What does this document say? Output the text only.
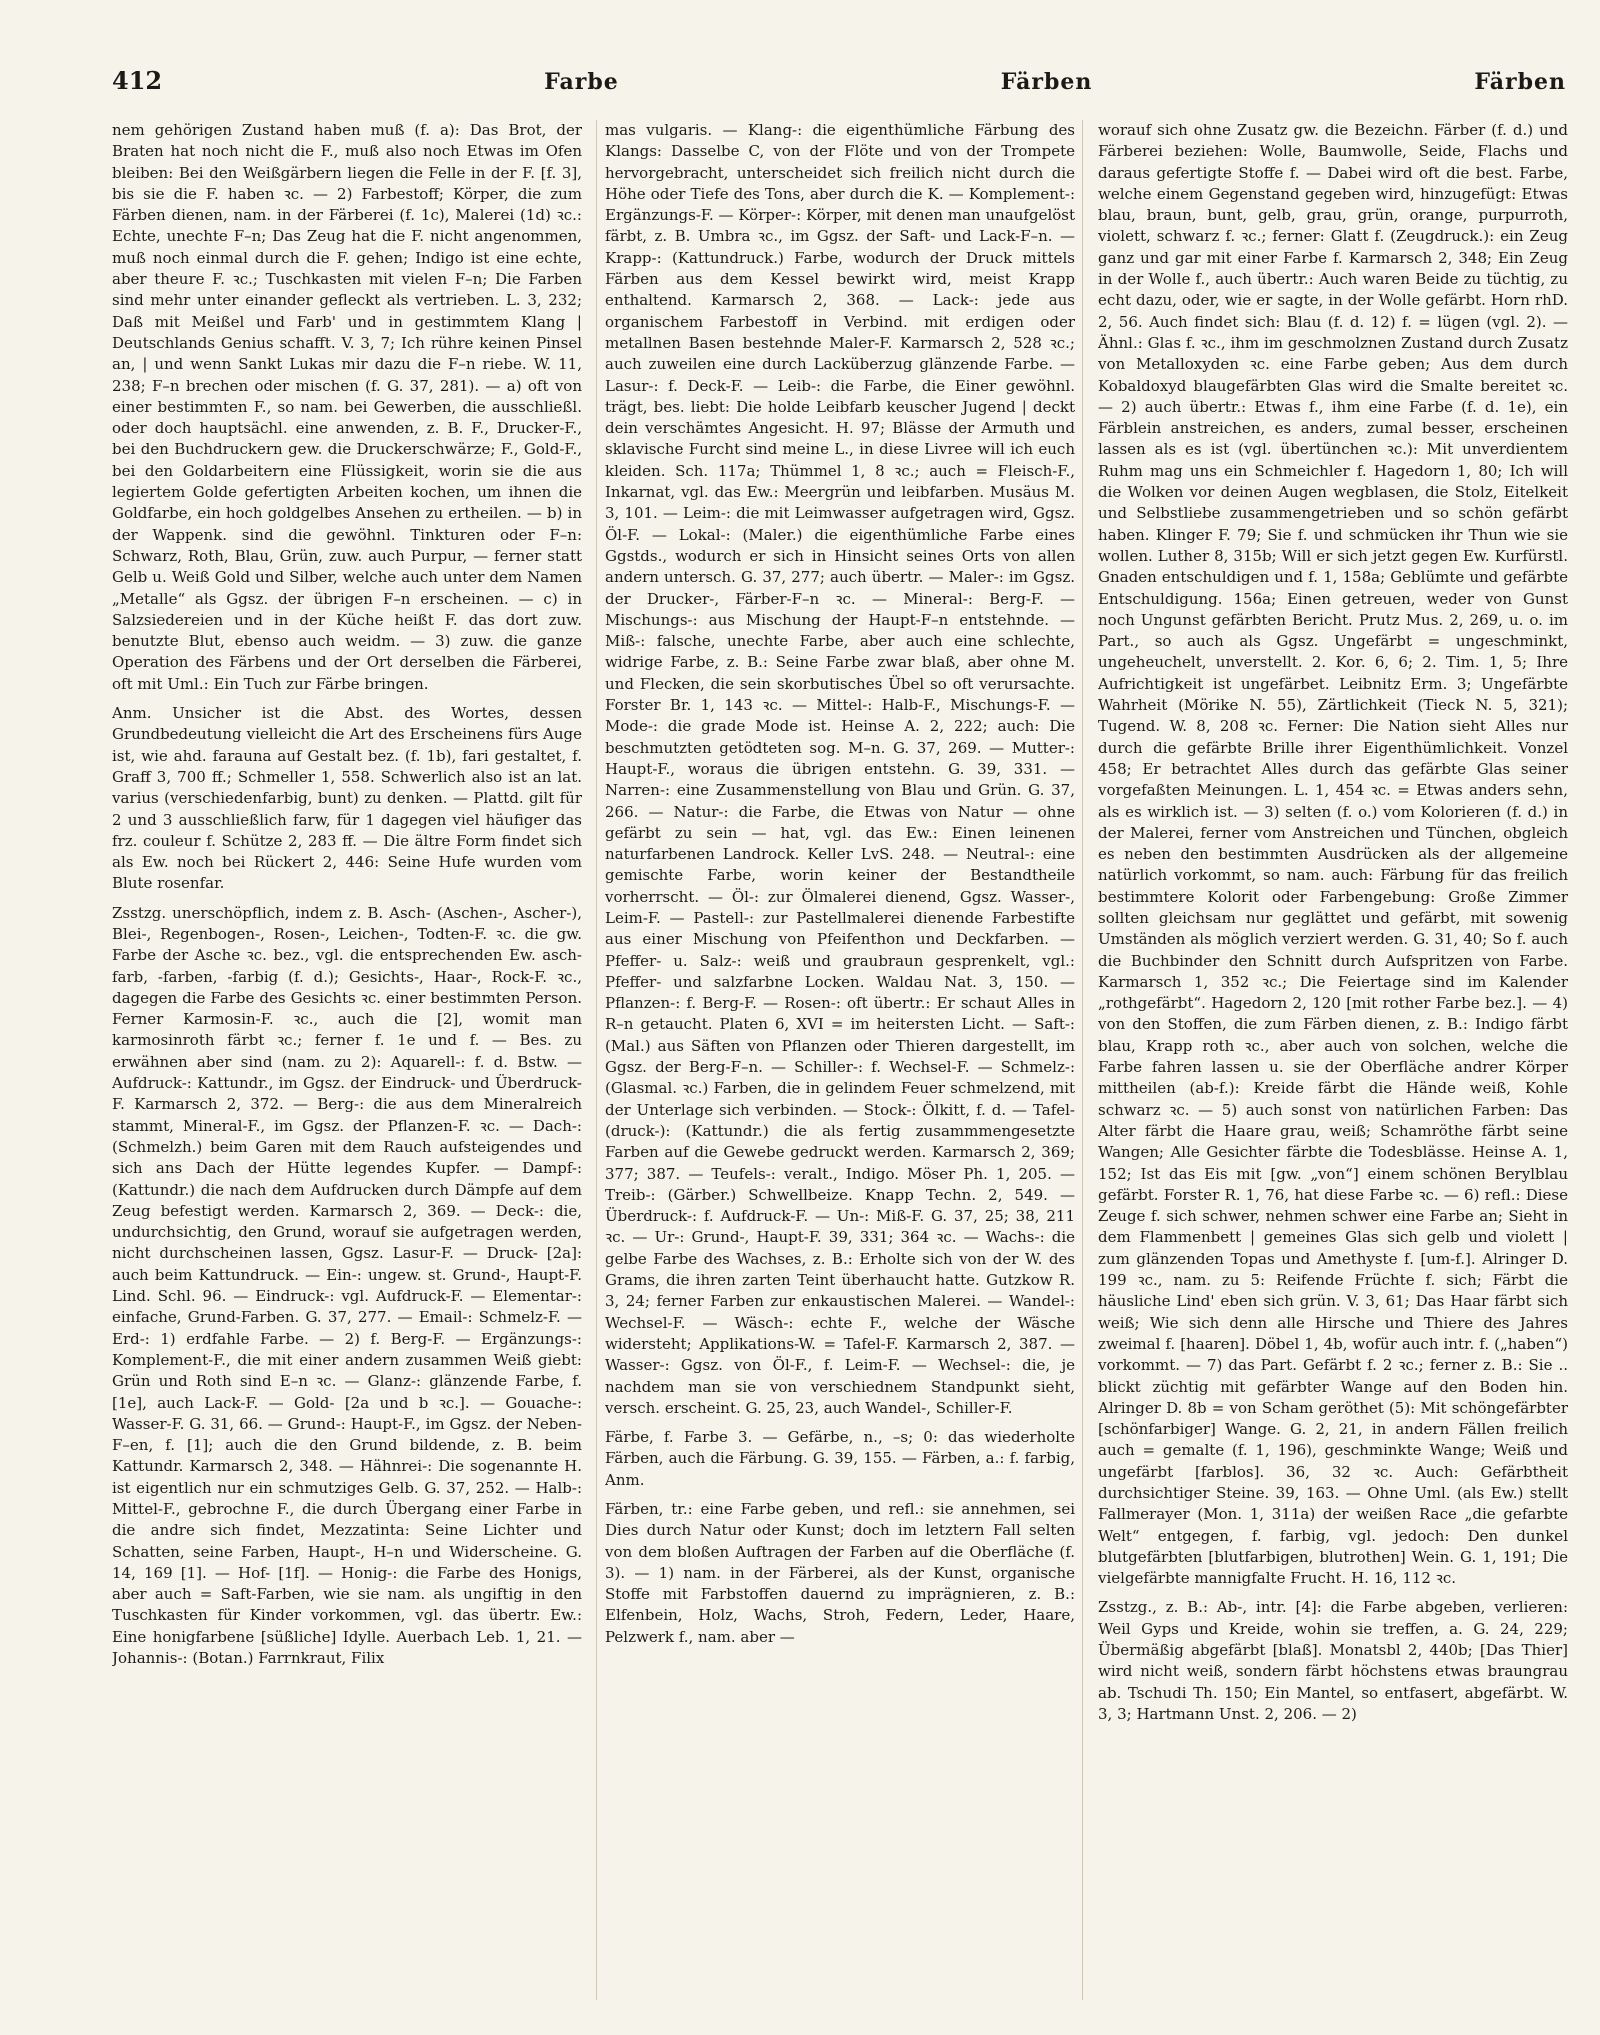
412	Farbe	Färben	Färben

nem gehörigen Zustand haben muß (f. a): Das Brot, der Braten hat noch nicht die F., muß also noch Etwas im Ofen bleiben: Bei den Weißgärbern liegen die Felle in der F. [f. 3], bis sie die F. haben ꝛc. — 2) Farbestoff; Körper, die zum Färben dienen, nam. in der Färberei (f. 1c), Malerei (1d) ꝛc.: Echte, unechte F–n; Das Zeug hat die F. nicht angenommen, muß noch einmal durch die F. gehen; Indigo ist eine echte, aber theure F. ꝛc.; Tuschkasten mit vielen F–n; Die Farben sind mehr unter einander gefleckt als vertrieben. L. 3, 232; Daß mit Meißel und Farb' und in gestimmtem Klang | Deutschlands Genius schafft. V. 3, 7; Ich rühre keinen Pinsel an, | und wenn Sankt Lukas mir dazu die F–n riebe. W. 11, 238; F–n brechen oder mischen (f. G. 37, 281). — a) oft von einer bestimmten F., so nam. bei Gewerben, die ausschließl. oder doch hauptsächl. eine anwenden, z. B. F., Drucker-F., bei den Buchdruckern gew. die Druckerschwärze; F., Gold-F., bei den Goldarbeitern eine Flüssigkeit, worin sie die aus legiertem Golde gefertigten Arbeiten kochen, um ihnen die Goldfarbe, ein hoch goldgelbes Ansehen zu ertheilen. — b) in der Wappenk. sind die gewöhnl. Tinkturen oder F–n: Schwarz, Roth, Blau, Grün, zuw. auch Purpur, — ferner statt Gelb u. Weiß Gold und Silber, welche auch unter dem Namen „Metalle“ als Ggsz. der übrigen F–n erscheinen. — c) in Salzsiedereien und in der Küche heißt F. das dort zuw. benutzte Blut, ebenso auch weidm. — 3) zuw. die ganze Operation des Färbens und der Ort derselben die Färberei, oft mit Uml.: Ein Tuch zur Färbe bringen.

Anm. Unsicher ist die Abst. des Wortes, dessen Grundbedeutung vielleicht die Art des Erscheinens fürs Auge ist, wie ahd. farauna auf Gestalt bez. (f. 1b), fari gestaltet, f. Graff 3, 700 ff.; Schmeller 1, 558. Schwerlich also ist an lat. varius (verschiedenfarbig, bunt) zu denken. — Plattd. gilt für 2 und 3 ausschließlich farw, für 1 dagegen viel häufiger das frz. couleur f. Schütze 2, 283 ff. — Die ältre Form findet sich als Ew. noch bei Rückert 2, 446: Seine Hufe wurden vom Blute rosenfar.

Zsstzg. unerschöpflich, indem z. B. Asch- (Aschen-, Ascher-), Blei-, Regenbogen-, Rosen-, Leichen-, Todten-F. ꝛc. die gw. Farbe der Asche ꝛc. bez., vgl. die entsprechenden Ew. asch-farb, -farben, -farbig (f. d.); Gesichts-, Haar-, Rock-F. ꝛc., dagegen die Farbe des Gesichts ꝛc. einer bestimmten Person. Ferner Karmosin-F. ꝛc., auch die [2], womit man karmosinroth färbt ꝛc.; ferner f. 1e und f. — Bes. zu erwähnen aber sind (nam. zu 2): Aquarell-: f. d. Bstw. — Aufdruck-: Kattundr., im Ggsz. der Eindruck- und Überdruck-F. Karmarsch 2, 372. — Berg-: die aus dem Mineralreich stammt, Mineral-F., im Ggsz. der Pflanzen-F. ꝛc. — Dach-: (Schmelzh.) beim Garen mit dem Rauch aufsteigendes und sich ans Dach der Hütte legendes Kupfer. — Dampf-: (Kattundr.) die nach dem Aufdrucken durch Dämpfe auf dem Zeug befestigt werden. Karmarsch 2, 369. — Deck-: die, undurchsichtig, den Grund, worauf sie aufgetragen werden, nicht durchscheinen lassen, Ggsz. Lasur-F. — Druck- [2a]: auch beim Kattundruck. — Ein-: ungew. st. Grund-, Haupt-F. Lind. Schl. 96. — Eindruck-: vgl. Aufdruck-F. — Elementar-: einfache, Grund-Farben. G. 37, 277. — Email-: Schmelz-F. — Erd-: 1) erdfahle Farbe. — 2) f. Berg-F. — Ergänzungs-: Komplement-F., die mit einer andern zusammen Weiß giebt: Grün und Roth sind E–n ꝛc. — Glanz-: glänzende Farbe, f. [1e], auch Lack-F. — Gold- [2a und b ꝛc.]. — Gouache-: Wasser-F. G. 31, 66. — Grund-: Haupt-F., im Ggsz. der Neben-F–en, f. [1]; auch die den Grund bildende, z. B. beim Kattundr. Karmarsch 2, 348. — Hähnrei-: Die sogenannte H. ist eigentlich nur ein schmutziges Gelb. G. 37, 252. — Halb-: Mittel-F., gebrochne F., die durch Übergang einer Farbe in die andre sich findet, Mezzatinta: Seine Lichter und Schatten, seine Farben, Haupt-, H–n und Widerscheine. G. 14, 169 [1]. — Hof- [1f]. — Honig-: die Farbe des Honigs, aber auch = Saft-Farben, wie sie nam. als ungiftig in den Tuschkasten für Kinder vorkommen, vgl. das übertr. Ew.: Eine honigfarbene [süßliche] Idylle. Auerbach Leb. 1, 21. — Johannis-: (Botan.) Farrnkraut, Filix

mas vulgaris. — Klang-: die eigenthümliche Färbung des Klangs: Dasselbe C, von der Flöte und von der Trompete hervorgebracht, unterscheidet sich freilich nicht durch die Höhe oder Tiefe des Tons, aber durch die K. — Komplement-: Ergänzungs-F. — Körper-: Körper, mit denen man unaufgelöst färbt, z. B. Umbra ꝛc., im Ggsz. der Saft- und Lack-F–n. — Krapp-: (Kattundruck.) Farbe, wodurch der Druck mittels Färben aus dem Kessel bewirkt wird, meist Krapp enthaltend. Karmarsch 2, 368. — Lack-: jede aus organischem Farbestoff in Verbind. mit erdigen oder metallnen Basen bestehnde Maler-F. Karmarsch 2, 528 ꝛc.; auch zuweilen eine durch Lacküberzug glänzende Farbe. — Lasur-: f. Deck-F. — Leib-: die Farbe, die Einer gewöhnl. trägt, bes. liebt: Die holde Leibfarb keuscher Jugend | deckt dein verschämtes Angesicht. H. 97; Blässe der Armuth und sklavische Furcht sind meine L., in diese Livree will ich euch kleiden. Sch. 117a; Thümmel 1, 8 ꝛc.; auch = Fleisch-F., Inkarnat, vgl. das Ew.: Meergrün und leibfarben. Musäus M. 3, 101. — Leim-: die mit Leimwasser aufgetragen wird, Ggsz. Öl-F. — Lokal-: (Maler.) die eigenthümliche Farbe eines Ggstds., wodurch er sich in Hinsicht seines Orts von allen andern untersch. G. 37, 277; auch übertr. — Maler-: im Ggsz. der Drucker-, Färber-F–n ꝛc. — Mineral-: Berg-F. — Mischungs-: aus Mischung der Haupt-F–n entstehnde. — Miß-: falsche, unechte Farbe, aber auch eine schlechte, widrige Farbe, z. B.: Seine Farbe zwar blaß, aber ohne M. und Flecken, die sein skorbutisches Übel so oft verursachte. Forster Br. 1, 143 ꝛc. — Mittel-: Halb-F., Mischungs-F. — Mode-: die grade Mode ist. Heinse A. 2, 222; auch: Die beschmutzten getödteten sog. M–n. G. 37, 269. — Mutter-: Haupt-F., woraus die übrigen entstehn. G. 39, 331. — Narren-: eine Zusammenstellung von Blau und Grün. G. 37, 266. — Natur-: die Farbe, die Etwas von Natur — ohne gefärbt zu sein — hat, vgl. das Ew.: Einen leinenen naturfarbenen Landrock. Keller LvS. 248. — Neutral-: eine gemischte Farbe, worin keiner der Bestandtheile vorherrscht. — Öl-: zur Ölmalerei dienend, Ggsz. Wasser-, Leim-F. — Pastell-: zur Pastellmalerei dienende Farbestifte aus einer Mischung von Pfeifenthon und Deckfarben. — Pfeffer- u. Salz-: weiß und graubraun gesprenkelt, vgl.: Pfeffer- und salzfarbne Locken. Waldau Nat. 3, 150. — Pflanzen-: f. Berg-F. — Rosen-: oft übertr.: Er schaut Alles in R–n getaucht. Platen 6, XVI = im heitersten Licht. — Saft-: (Mal.) aus Säften von Pflanzen oder Thieren dargestellt, im Ggsz. der Berg-F–n. — Schiller-: f. Wechsel-F. — Schmelz-: (Glasmal. ꝛc.) Farben, die in gelindem Feuer schmelzend, mit der Unterlage sich verbinden. — Stock-: Ölkitt, f. d. — Tafel- (druck-): (Kattundr.) die als fertig zusammmengesetzte Farben auf die Gewebe gedruckt werden. Karmarsch 2, 369; 377; 387. — Teufels-: veralt., Indigo. Möser Ph. 1, 205. — Treib-: (Gärber.) Schwellbeize. Knapp Techn. 2, 549. — Überdruck-: f. Aufdruck-F. — Un-: Miß-F. G. 37, 25; 38, 211 ꝛc. — Ur-: Grund-, Haupt-F. 39, 331; 364 ꝛc. — Wachs-: die gelbe Farbe des Wachses, z. B.: Erholte sich von der W. des Grams, die ihren zarten Teint überhaucht hatte. Gutzkow R. 3, 24; ferner Farben zur enkaustischen Malerei. — Wandel-: Wechsel-F. — Wäsch-: echte F., welche der Wäsche widersteht; Applikations-W. = Tafel-F. Karmarsch 2, 387. — Wasser-: Ggsz. von Öl-F., f. Leim-F. — Wechsel-: die, je nachdem man sie von verschiednem Standpunkt sieht, versch. erscheint. G. 25, 23, auch Wandel-, Schiller-F.

Färbe, f. Farbe 3. — Gefärbe, n., –s; 0: das wiederholte Färben, auch die Färbung. G. 39, 155. — Färben, a.: f. farbig, Anm.

Färben, tr.: eine Farbe geben, und refl.: sie annehmen, sei Dies durch Natur oder Kunst; doch im letztern Fall selten von dem bloßen Auftragen der Farben auf die Oberfläche (f. 3). — 1) nam. in der Färberei, als der Kunst, organische Stoffe mit Farbstoffen dauernd zu imprägnieren, z. B.: Elfenbein, Holz, Wachs, Stroh, Federn, Leder, Haare, Pelzwerk f., nam. aber —

worauf sich ohne Zusatz gw. die Bezeichn. Färber (f. d.) und Färberei beziehen: Wolle, Baumwolle, Seide, Flachs und daraus gefertigte Stoffe f. — Dabei wird oft die best. Farbe, welche einem Gegenstand gegeben wird, hinzugefügt: Etwas blau, braun, bunt, gelb, grau, grün, orange, purpurroth, violett, schwarz f. ꝛc.; ferner: Glatt f. (Zeugdruck.): ein Zeug ganz und gar mit einer Farbe f. Karmarsch 2, 348; Ein Zeug in der Wolle f., auch übertr.: Auch waren Beide zu tüchtig, zu echt dazu, oder, wie er sagte, in der Wolle gefärbt. Horn rhD. 2, 56. Auch findet sich: Blau (f. d. 12) f. = lügen (vgl. 2). — Ähnl.: Glas f. ꝛc., ihm im geschmolznen Zustand durch Zusatz von Metalloxyden ꝛc. eine Farbe geben; Aus dem durch Kobaldoxyd blaugefärbten Glas wird die Smalte bereitet ꝛc. — 2) auch übertr.: Etwas f., ihm eine Farbe (f. d. 1e), ein Färblein anstreichen, es anders, zumal besser, erscheinen lassen als es ist (vgl. übertünchen ꝛc.): Mit unverdientem Ruhm mag uns ein Schmeichler f. Hagedorn 1, 80; Ich will die Wolken vor deinen Augen wegblasen, die Stolz, Eitelkeit und Selbstliebe zusammengetrieben und so schön gefärbt haben. Klinger F. 79; Sie f. und schmücken ihr Thun wie sie wollen. Luther 8, 315b; Will er sich jetzt gegen Ew. Kurfürstl. Gnaden entschuldigen und f. 1, 158a; Geblümte und gefärbte Entschuldigung. 156a; Einen getreuen, weder von Gunst noch Ungunst gefärbten Bericht. Prutz Mus. 2, 269, u. o. im Part., so auch als Ggsz. Ungefärbt = ungeschminkt, ungeheuchelt, unverstellt. 2. Kor. 6, 6; 2. Tim. 1, 5; Ihre Aufrichtigkeit ist ungefärbet. Leibnitz Erm. 3; Ungefärbte Wahrheit (Mörike N. 55), Zärtlichkeit (Tieck N. 5, 321); Tugend. W. 8, 208 ꝛc. Ferner: Die Nation sieht Alles nur durch die gefärbte Brille ihrer Eigenthümlichkeit. Vonzel 458; Er betrachtet Alles durch das gefärbte Glas seiner vorgefaßten Meinungen. L. 1, 454 ꝛc. = Etwas anders sehn, als es wirklich ist. — 3) selten (f. o.) vom Kolorieren (f. d.) in der Malerei, ferner vom Anstreichen und Tünchen, obgleich es neben den bestimmten Ausdrücken als der allgemeine natürlich vorkommt, so nam. auch: Färbung für das freilich bestimmtere Kolorit oder Farbengebung: Große Zimmer sollten gleichsam nur geglättet und gefärbt, mit sowenig Umständen als möglich verziert werden. G. 31, 40; So f. auch die Buchbinder den Schnitt durch Aufspritzen von Farbe. Karmarsch 1, 352 ꝛc.; Die Feiertage sind im Kalender „rothgefärbt“. Hagedorn 2, 120 [mit rother Farbe bez.]. — 4) von den Stoffen, die zum Färben dienen, z. B.: Indigo färbt blau, Krapp roth ꝛc., aber auch von solchen, welche die Farbe fahren lassen u. sie der Oberfläche andrer Körper mittheilen (ab-f.): Kreide färbt die Hände weiß, Kohle schwarz ꝛc. — 5) auch sonst von natürlichen Farben: Das Alter färbt die Haare grau, weiß; Schamröthe färbt seine Wangen; Alle Gesichter färbte die Todesblässe. Heinse A. 1, 152; Ist das Eis mit [gw. „von“] einem schönen Berylblau gefärbt. Forster R. 1, 76, hat diese Farbe ꝛc. — 6) refl.: Diese Zeuge f. sich schwer, nehmen schwer eine Farbe an; Sieht in dem Flammenbett | gemeines Glas sich gelb und violett | zum glänzenden Topas und Amethyste f. [um-f.]. Alringer D. 199 ꝛc., nam. zu 5: Reifende Früchte f. sich; Färbt die häusliche Lind' eben sich grün. V. 3, 61; Das Haar färbt sich weiß; Wie sich denn alle Hirsche und Thiere des Jahres zweimal f. [haaren]. Döbel 1, 4b, wofür auch intr. f. („haben“) vorkommt. — 7) das Part. Gefärbt f. 2 ꝛc.; ferner z. B.: Sie .. blickt züchtig mit gefärbter Wange auf den Boden hin. Alringer D. 8b = von Scham geröthet (5): Mit schöngefärbter [schönfarbiger] Wange. G. 2, 21, in andern Fällen freilich auch = gemalte (f. 1, 196), geschminkte Wange; Weiß und ungefärbt [farblos]. 36, 32 ꝛc. Auch: Gefärbtheit durchsichtiger Steine. 39, 163. — Ohne Uml. (als Ew.) stellt Fallmerayer (Mon. 1, 311a) der weißen Race „die gefarbte Welt“ entgegen, f. farbig, vgl. jedoch: Den dunkel blutgefärbten [blutfarbigen, blutrothen] Wein. G. 1, 191; Die vielgefärbte mannigfalte Frucht. H. 16, 112 ꝛc.

Zsstzg., z. B.: Ab-, intr. [4]: die Farbe abgeben, verlieren: Weil Gyps und Kreide, wohin sie treffen, a. G. 24, 229; Übermäßig abgefärbt [blaß]. Monatsbl 2, 440b; [Das Thier] wird nicht weiß, sondern färbt höchstens etwas braungrau ab. Tschudi Th. 150; Ein Mantel, so entfasert, abgefärbt. W. 3, 3; Hartmann Unst. 2, 206. — 2)
